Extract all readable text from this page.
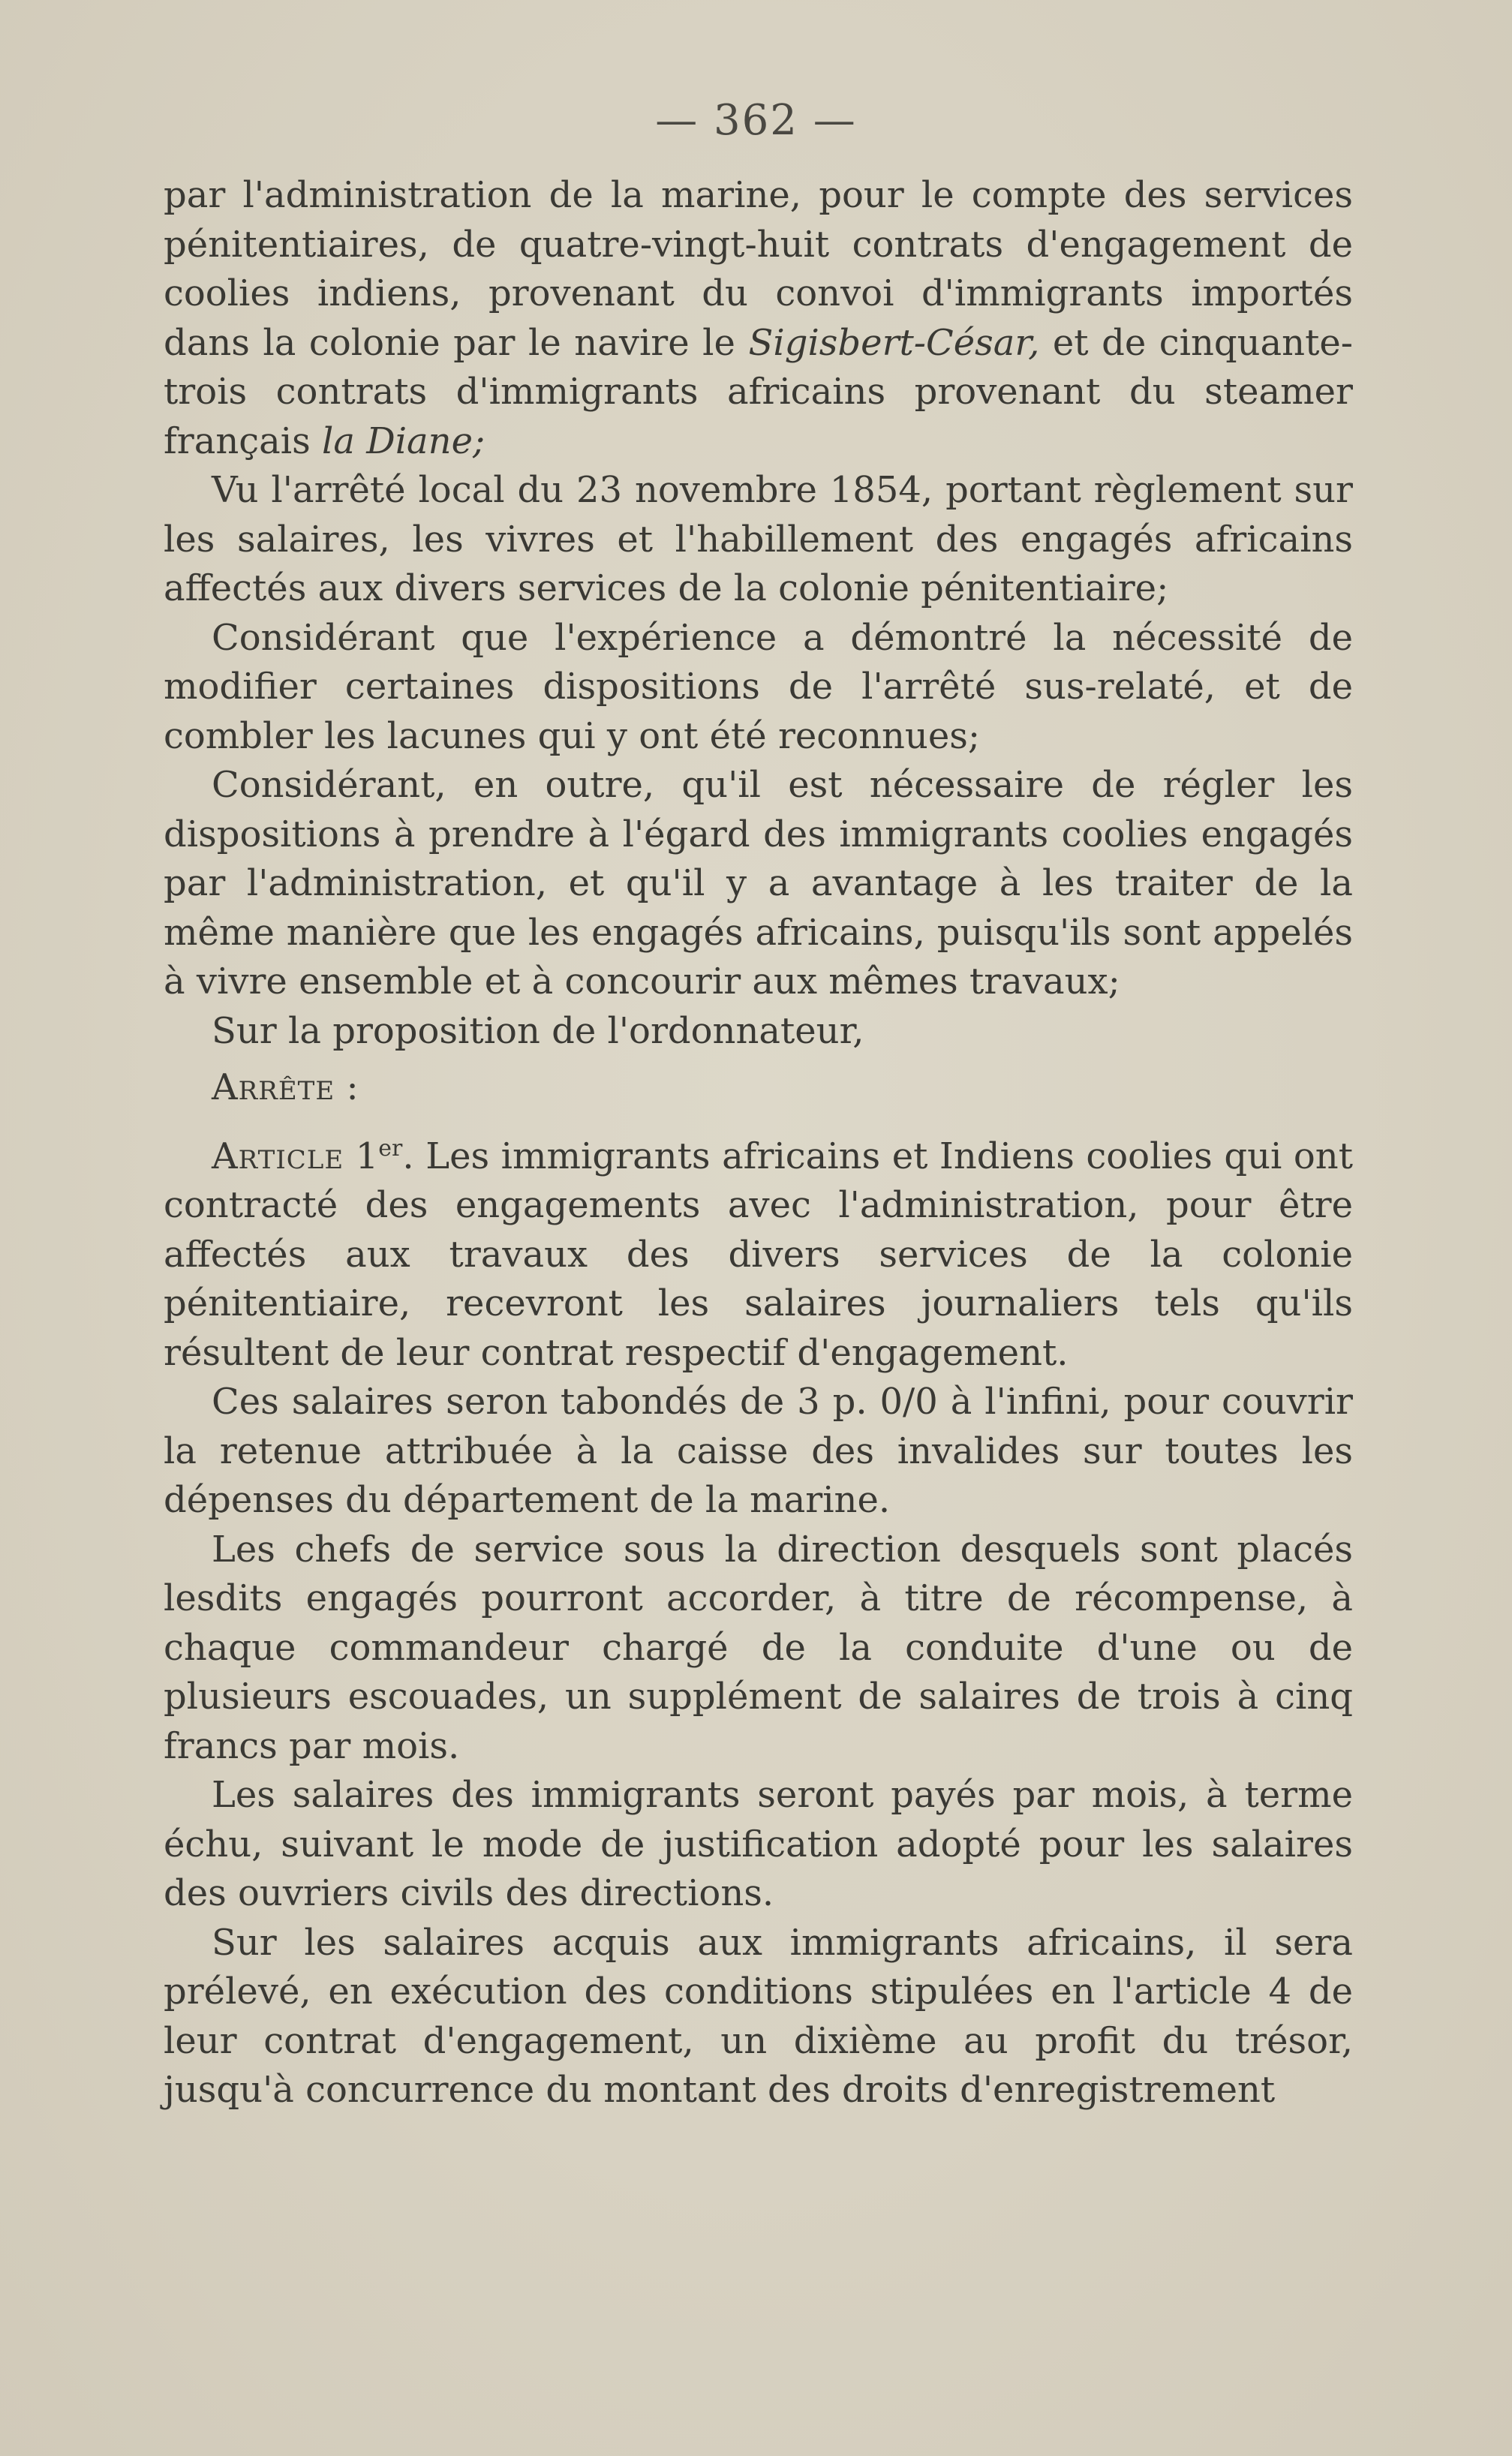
— 362 —

par l'administration de la marine, pour le compte des services pénitentiaires, de quatre-vingt-huit contrats d'engagement de coolies indiens, provenant du convoi d'immigrants importés dans la colonie par le navire le Sigisbert-César, et de cinquante-trois contrats d'immigrants africains provenant du steamer français la Diane;

Vu l'arrêté local du 23 novembre 1854, portant règlement sur les salaires, les vivres et l'habillement des engagés africains affectés aux divers services de la colonie pénitentiaire;

Considérant que l'expérience a démontré la nécessité de modifier certaines dispositions de l'arrêté sus-relaté, et de combler les lacunes qui y ont été reconnues;

Considérant, en outre, qu'il est nécessaire de régler les dispositions à prendre à l'égard des immigrants coolies engagés par l'administration, et qu'il y a avantage à les traiter de la même manière que les engagés africains, puisqu'ils sont appelés à vivre ensemble et à concourir aux mêmes travaux;

Sur la proposition de l'ordonnateur,

Arrête :

Article 1er. Les immigrants africains et Indiens coolies qui ont contracté des engagements avec l'administration, pour être affectés aux travaux des divers services de la colonie pénitentiaire, recevront les salaires journaliers tels qu'ils résultent de leur contrat respectif d'engagement.

Ces salaires seron tabondés de 3 p. 0/0 à l'infini, pour couvrir la retenue attribuée à la caisse des invalides sur toutes les dépenses du département de la marine.

Les chefs de service sous la direction desquels sont placés lesdits engagés pourront accorder, à titre de récompense, à chaque commandeur chargé de la conduite d'une ou de plusieurs escouades, un supplément de salaires de trois à cinq francs par mois.

Les salaires des immigrants seront payés par mois, à terme échu, suivant le mode de justification adopté pour les salaires des ouvriers civils des directions.

Sur les salaires acquis aux immigrants africains, il sera prélevé, en exécution des conditions stipulées en l'article 4 de leur contrat d'engagement, un dixième au profit du trésor, jusqu'à concurrence du montant des droits d'enregistrement
